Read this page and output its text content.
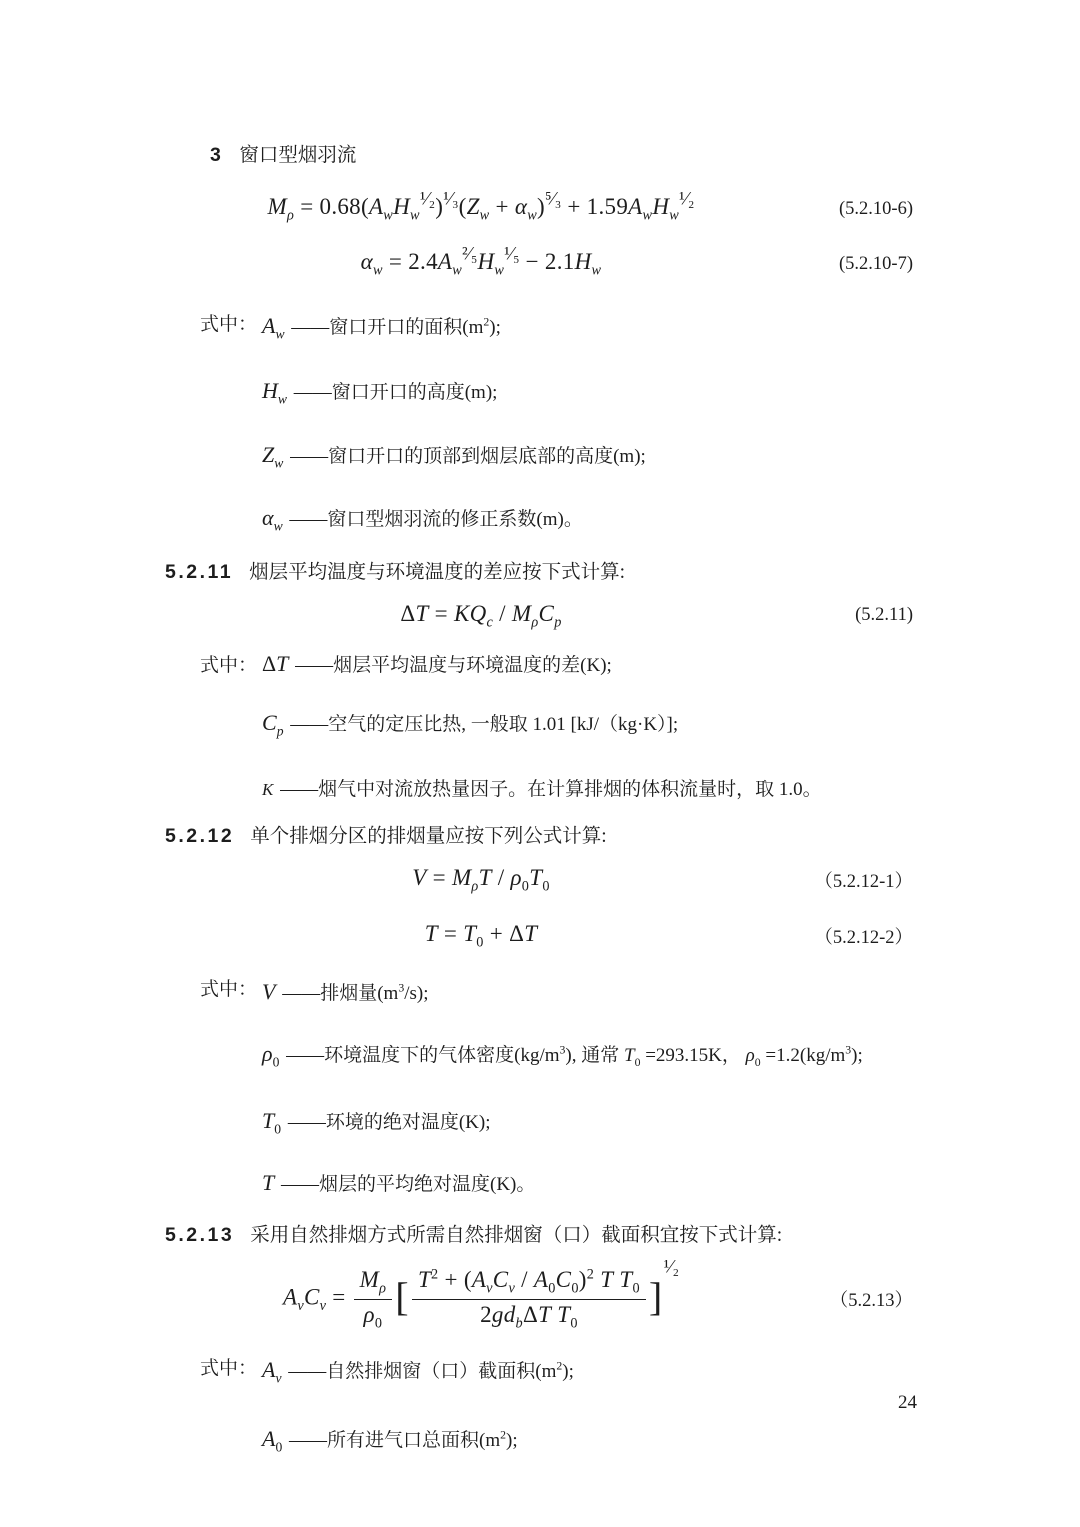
3 窗口型烟羽流
$M_\rho = 0.68(A_wH_w^{^1⁄_2})^{^1⁄_3}(Z_w + \alpha_w)^{^5⁄_3} + 1.59A_wH_w^{^1⁄_2}$	(5.2.10-6)
$\alpha_w = 2.4A_w^{^2⁄_5}H_w^{^1⁄_5} - 2.1H_w$	(5.2.10-7)
式中： $A_w$ ——窗口开口的面积$(m^2)$;
$H_w$ ——窗口开口的高度(m);
$Z_w$ ——窗口开口的顶部到烟层底部的高度(m);
$\alpha_w$ ——窗口型烟羽流的修正系数(m)。
5.2.11 烟层平均温度与环境温度的差应按下式计算:
$\Delta T = KQ_c / M_\rho C_p$	(5.2.11)
式中： ΔT ——烟层平均温度与环境温度的差(K);
$C_p$ ——空气的定压比热, 一般取 1.01 [kJ/（kg·K）];
K ——烟气中对流放热量因子。在计算排烟的体积流量时，取 1.0。
5.2.12 单个排烟分区的排烟量应按下列公式计算:
$V = M_\rho T / \rho_0T_0$	（5.2.12-1）
$T = T_0 + \Delta T$	（5.2.12-2）
式中： V ——排烟量$(m^3/s)$;
$\rho_0$ ——环境温度下的气体密度$(kg/m^3)$, 通常 $T_0 =293.15K$， $\rho_0 =1.2(kg/m^3)$;
$T_0$ ——环境的绝对温度(K);
T ——烟层的平均绝对温度(K)。
5.2.13 采用自然排烟方式所需自然排烟窗（口）截面积宜按下式计算:
$A_vC_v = \frac{M_\rho}{\rho_0}$ [ $\frac{T^2 + (A_vC_v / A_0C_0)^2 T T_0}{2gd_b\Delta T T_0} ]^{^1⁄_2}$
（5.2.13）
式中： $A_v$ ——自然排烟窗（口）截面积$(m^2)$;
$A_0$ ——所有进气口总面积$(m^2)$;
24
